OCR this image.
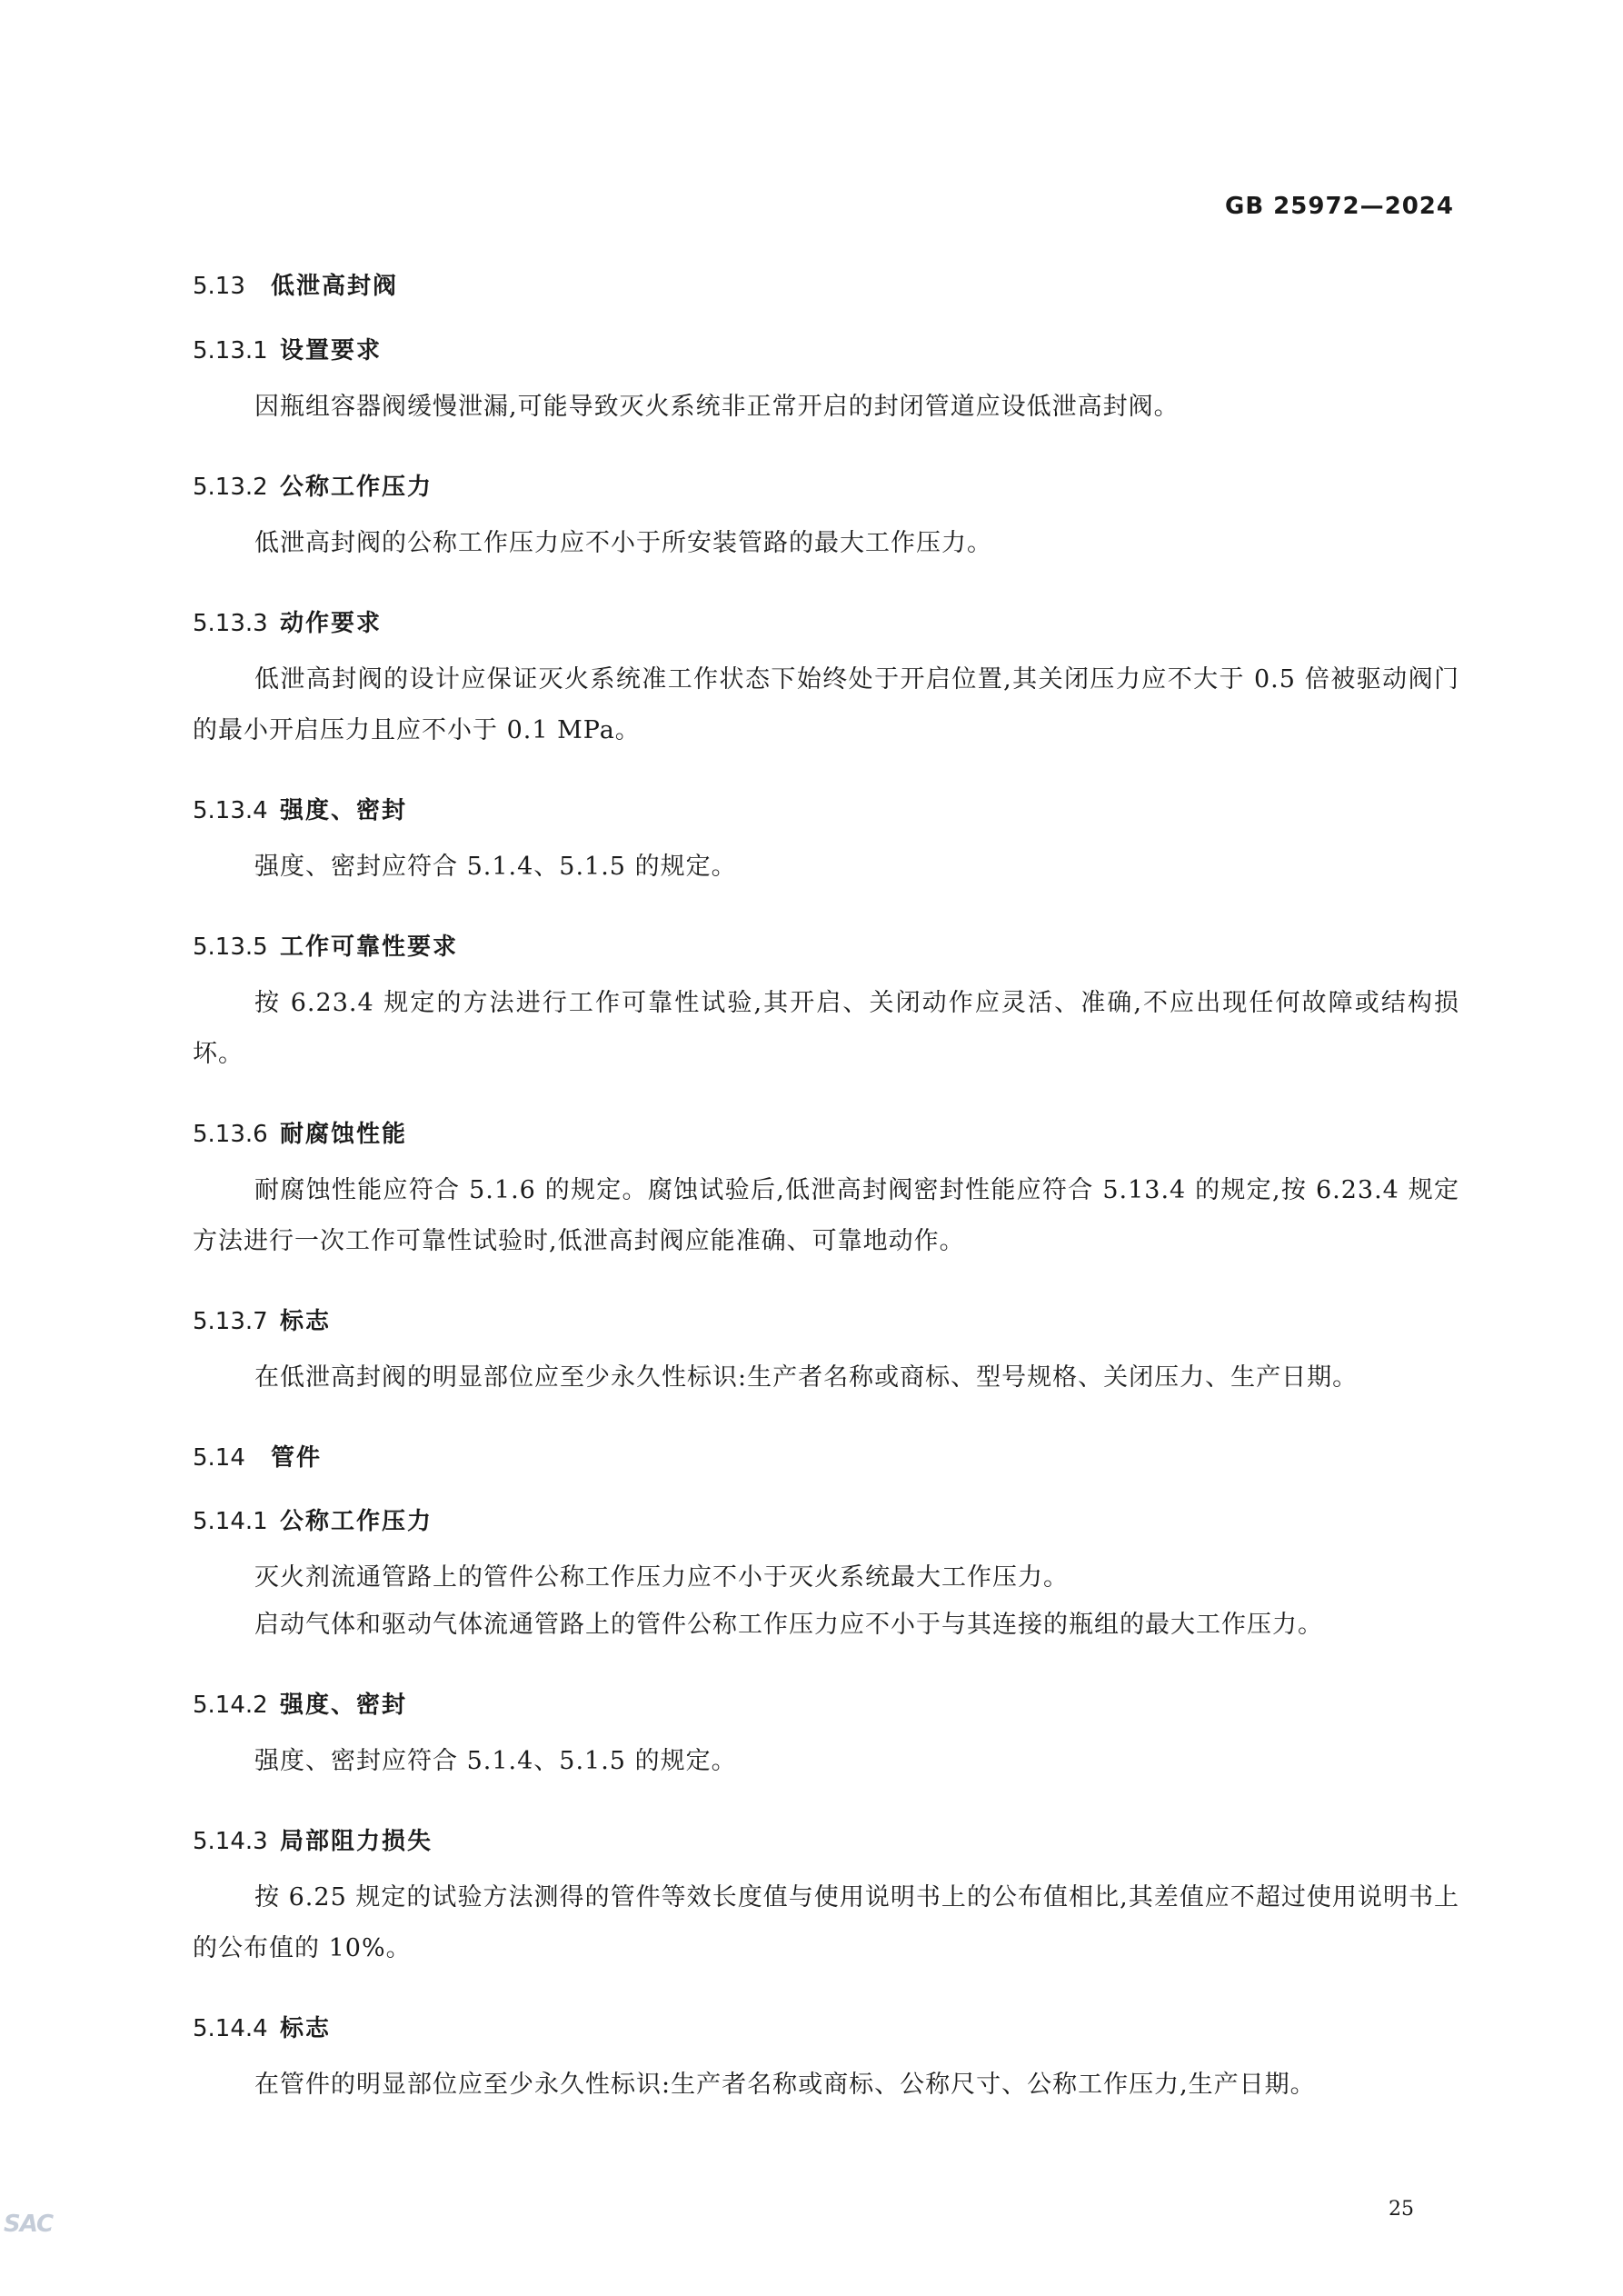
GB 25972—2024
5.13 低泄高封阀
5.13.1 设置要求
因瓶组容器阀缓慢泄漏,可能导致灭火系统非正常开启的封闭管道应设低泄高封阀。
5.13.2 公称工作压力
低泄高封阀的公称工作压力应不小于所安装管路的最大工作压力。
5.13.3 动作要求
低泄高封阀的设计应保证灭火系统准工作状态下始终处于开启位置,其关闭压力应不大于 0.5 倍被驱动阀门的最小开启压力且应不小于 0.1 MPa。
5.13.4 强度、密封
强度、密封应符合 5.1.4、5.1.5 的规定。
5.13.5 工作可靠性要求
按 6.23.4 规定的方法进行工作可靠性试验,其开启、关闭动作应灵活、准确,不应出现任何故障或结构损坏。
5.13.6 耐腐蚀性能
耐腐蚀性能应符合 5.1.6 的规定。腐蚀试验后,低泄高封阀密封性能应符合 5.13.4 的规定,按 6.23.4 规定方法进行一次工作可靠性试验时,低泄高封阀应能准确、可靠地动作。
5.13.7 标志
在低泄高封阀的明显部位应至少永久性标识:生产者名称或商标、型号规格、关闭压力、生产日期。
5.14 管件
5.14.1 公称工作压力
灭火剂流通管路上的管件公称工作压力应不小于灭火系统最大工作压力。
启动气体和驱动气体流通管路上的管件公称工作压力应不小于与其连接的瓶组的最大工作压力。
5.14.2 强度、密封
强度、密封应符合 5.1.4、5.1.5 的规定。
5.14.3 局部阻力损失
按 6.25 规定的试验方法测得的管件等效长度值与使用说明书上的公布值相比,其差值应不超过使用说明书上的公布值的 10%。
5.14.4 标志
在管件的明显部位应至少永久性标识:生产者名称或商标、公称尺寸、公称工作压力,生产日期。
25
SAC
